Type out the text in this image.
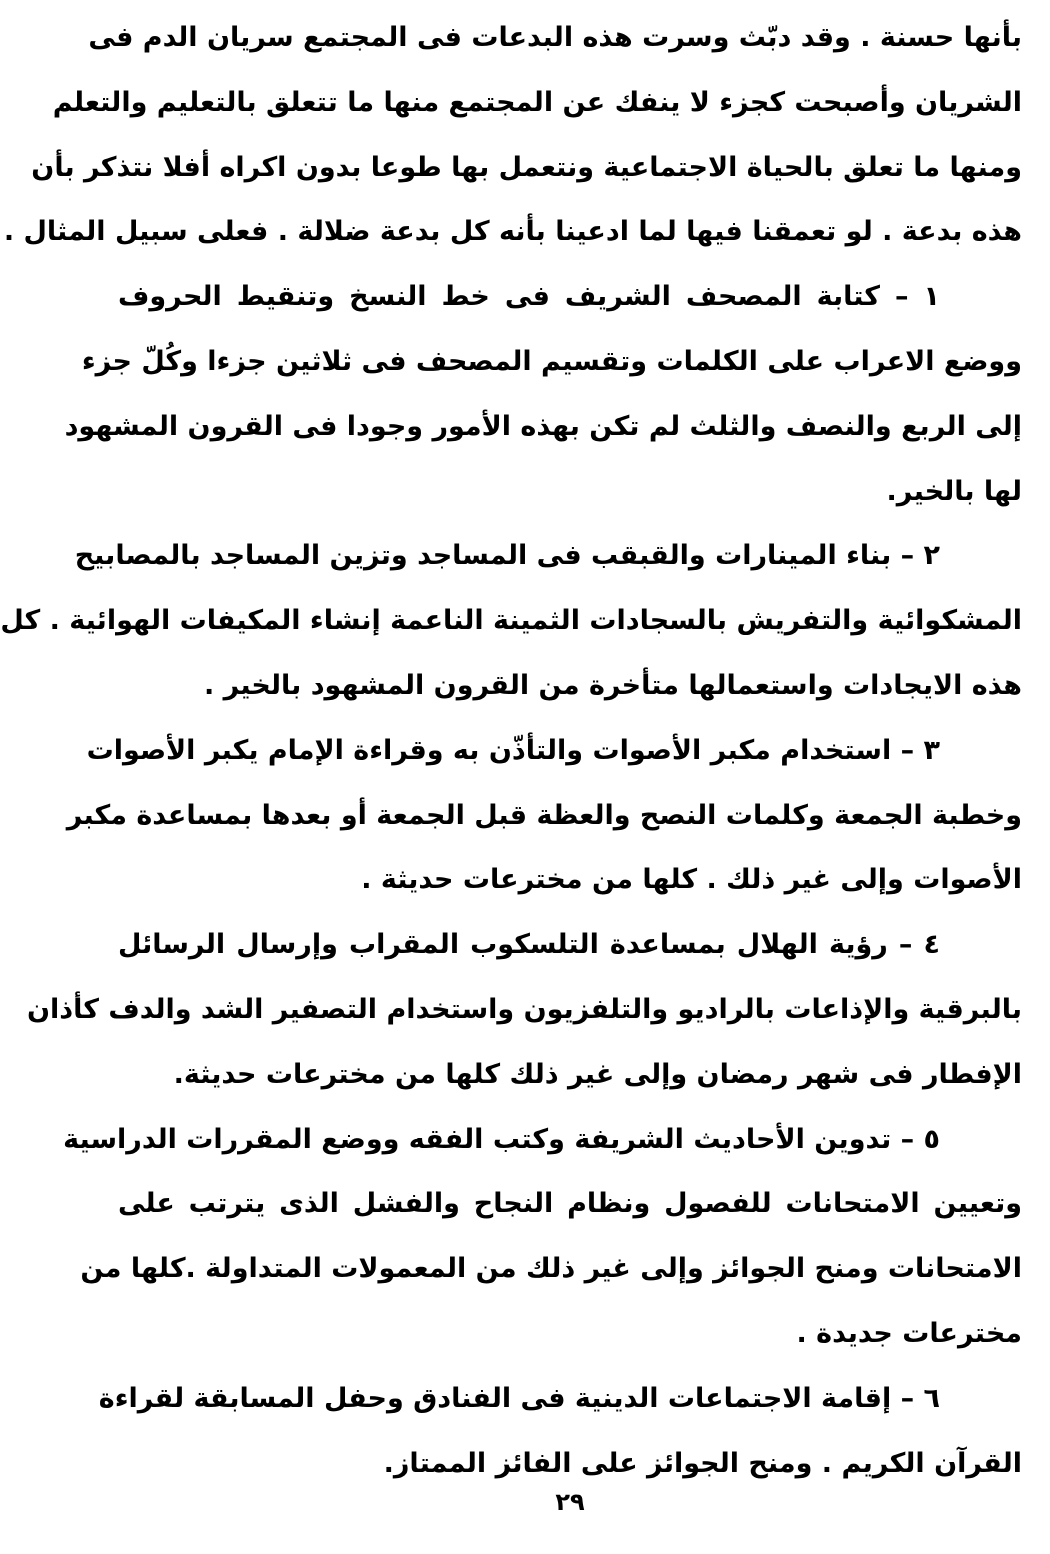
بأنها حسنة . وقد دبّث وسرت هذه البدعات فى المجتمع سريان الدم فى
الشريان وأصبحت كجزء لا ينفك عن المجتمع منها ما تتعلق بالتعليم والتعلم
ومنها ما تعلق بالحياة الاجتماعية ونتعمل بها طوعا بدون اكراه أفلا نتذكر بأن
هذه بدعة . لو تعمقنا فيها لما ادعينا بأنه كل بدعة ضلالة . فعلى سبيل المثال .
١ – كتابة المصحف الشريف فى خط النسخ وتنقيط الحروف
ووضع الاعراب على الكلمات وتقسيم المصحف فى ثلاثين جزءا وكُلّ جزء
إلى الربع والنصف والثلث لم تكن بهذه الأمور وجودا فى القرون المشهود
لها بالخير.
٢ – بناء المينارات والقبقب فى المساجد وتزين المساجد بالمصابيح
المشكوائية والتفريش بالسجادات الثمينة الناعمة إنشاء المكيفات الهوائية . كل
هذه الايجادات واستعمالها متأخرة من القرون المشهود بالخير .
٣ – استخدام مكبر الأصوات والتأذّن به وقراءة الإمام يكبر الأصوات
وخطبة الجمعة وكلمات النصح والعظة قبل الجمعة أو بعدها بمساعدة مكبر
الأصوات وإلى غير ذلك . كلها من مخترعات حديثة .
٤ – رؤية الهلال بمساعدة التلسكوب المقراب وإرسال الرسائل
بالبرقية والإذاعات بالراديو والتلفزيون واستخدام التصفير الشد والدف كأذان
الإفطار فى شهر رمضان وإلى غير ذلك كلها من مخترعات حديثة.
٥ – تدوين الأحاديث الشريفة وكتب الفقه ووضع المقررات الدراسية
وتعيين الامتحانات للفصول ونظام النجاح والفشل الذى يترتب على
الامتحانات ومنح الجوائز وإلى غير ذلك من المعمولات المتداولة .كلها من
مخترعات جديدة .
٦ – إقامة الاجتماعات الدينية فى الفنادق وحفل المسابقة لقراءة
القرآن الكريم . ومنح الجوائز على الفائز الممتاز.
٢٩
